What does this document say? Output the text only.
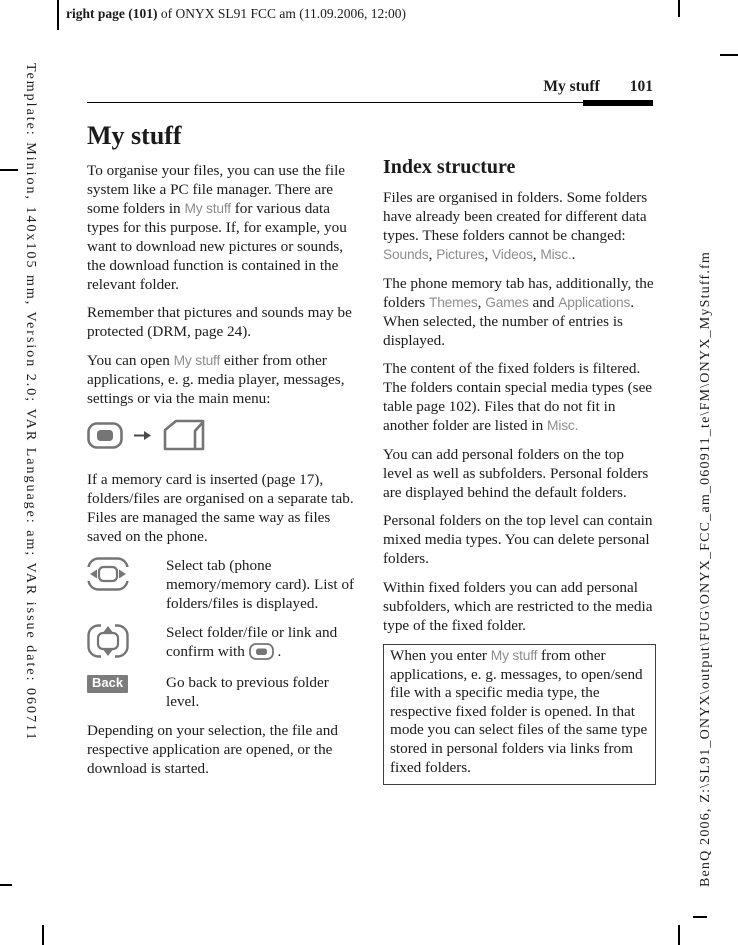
right page (101) of ONYX SL91 FCC am (11.09.2006, 12:00)
Template: Minion, 140x105 mm, Version 2.0; VAR Language: am; VAR issue date: 060711	BenQ 2006, Z:\SL91_ONYX\output\FUG\ONYX_FCC_am_060911_te\FM\ONYX_MyStuff.fm
My stuff 101
My stuff

To organise your files, you can use the file system like a PC file manager. There are some folders in My stuff for various data types for this purpose. If, for example, you want to download new pictures or sounds, the download function is contained in the relevant folder.

Remember that pictures and sounds may be protected (DRM, page 24).

You can open My stuff either from other applications, e. g. media player, messages, settings or via the main menu:

If a memory card is inserted (page 17), folders/files are organised on a separate tab. Files are managed the same way as files saved on the phone.

Select tab (phone memory/memory card). List of folders/files is displayed.
Select folder/file or link and confirm with  .
Back	Go back to previous folder level.

Depending on your selection, the file and respective application are opened, or the download is started.

Index structure

Files are organised in folders. Some folders have already been created for different data types. These folders cannot be changed: Sounds, Pictures, Videos, Misc..

The phone memory tab has, additionally, the folders Themes, Games and Applications. When selected, the number of entries is displayed.

The content of the fixed folders is filtered. The folders contain special media types (see table page 102). Files that do not fit in another folder are listed in Misc.

You can add personal folders on the top level as well as subfolders. Personal folders are displayed behind the default folders.

Personal folders on the top level can contain mixed media types. You can delete personal folders.

Within fixed folders you can add personal subfolders, which are restricted to the media type of the fixed folder.

When you enter My stuff from other applications, e. g. messages, to open/send file with a specific media type, the respective fixed folder is opened. In that mode you can select files of the same type stored in personal folders via links from fixed folders.
